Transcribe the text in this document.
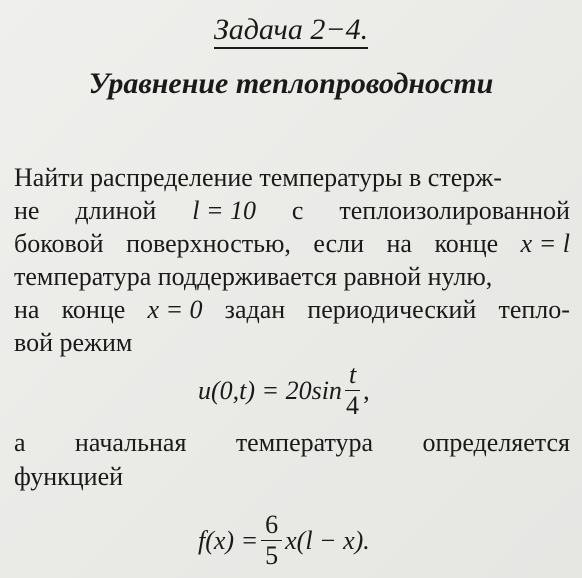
Задача 2−4.
Уравнение теплопроводности
Найти распределение температуры в стерж-
не длиной l = 10 с теплоизолированной
боковой поверхностью, если на конце x = l
температура поддерживается равной нулю,
на конце x = 0 задан периодический тепло-
вой режим
$u(0,t) = 20\sin \frac{t}{4}$ ,
а начальная температура определяется
функцией
$f(x) = \frac{6}{5} x(l - x)$.
